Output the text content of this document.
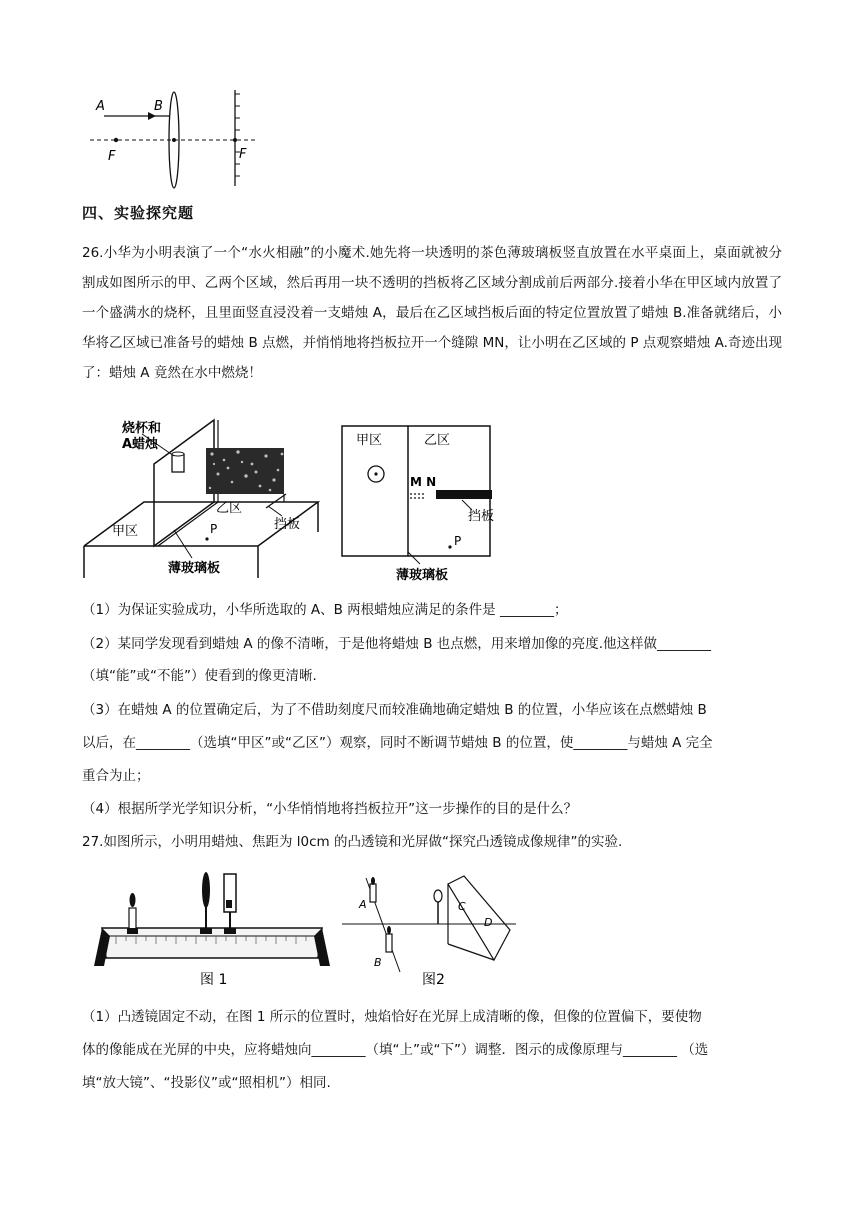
A	B
F	F
四、实验探究题
26.小华为小明表演了一个“水火相融”的小魔术.她先将一块透明的茶色薄玻璃板竖直放置在水平桌面上，桌面就被分割成如图所示的甲、乙两个区域，然后再用一块不透明的挡板将乙区域分割成前后两部分.接着小华在甲区域内放置了一个盛满水的烧杯，且里面竖直浸没着一支蜡烛 A，最后在乙区域挡板后面的特定位置放置了蜡烛 B.准备就绪后，小华将乙区域已准备号的蜡烛 B 点燃，并悄悄地将挡板拉开一个缝隙 MN，让小明在乙区域的 P 点观察蜡烛 A.奇迹出现了：蜡烛 A 竟然在水中燃烧！
烧杯和
A蜡烛
甲区
乙区
P	挡板
薄玻璃板
甲区	乙区
M N
挡板
P
薄玻璃板
（1）为保证实验成功，小华所选取的 A、B 两根蜡烛应满足的条件是 ________；
（2）某同学发现看到蜡烛 A 的像不清晰，于是他将蜡烛 B 也点燃，用来增加像的亮度.他这样做________
（填“能”或“不能”）使看到的像更清晰.
（3）在蜡烛 A 的位置确定后，为了不借助刻度尺而较准确地确定蜡烛 B 的位置，小华应该在点燃蜡烛 B
以后，在________（选填“甲区”或“乙区”）观察，同时不断调节蜡烛 B 的位置，使________与蜡烛 A 完全
重合为止；
（4）根据所学光学知识分析，“小华悄悄地将挡板拉开”这一步操作的目的是什么？
27.如图所示，小明用蜡烛、焦距为 l0cm 的凸透镜和光屏做“探究凸透镜成像规律”的实验.
图 1
A
B
C
D
图2
（1）凸透镜固定不动，在图 1 所示的位置时，烛焰恰好在光屏上成清晰的像，但像的位置偏下，要使物
体的像能成在光屏的中央，应将蜡烛向________（填“上”或“下”）调整．图示的成像原理与________ （选
填“放大镜”、“投影仪”或“照相机”）相同.
